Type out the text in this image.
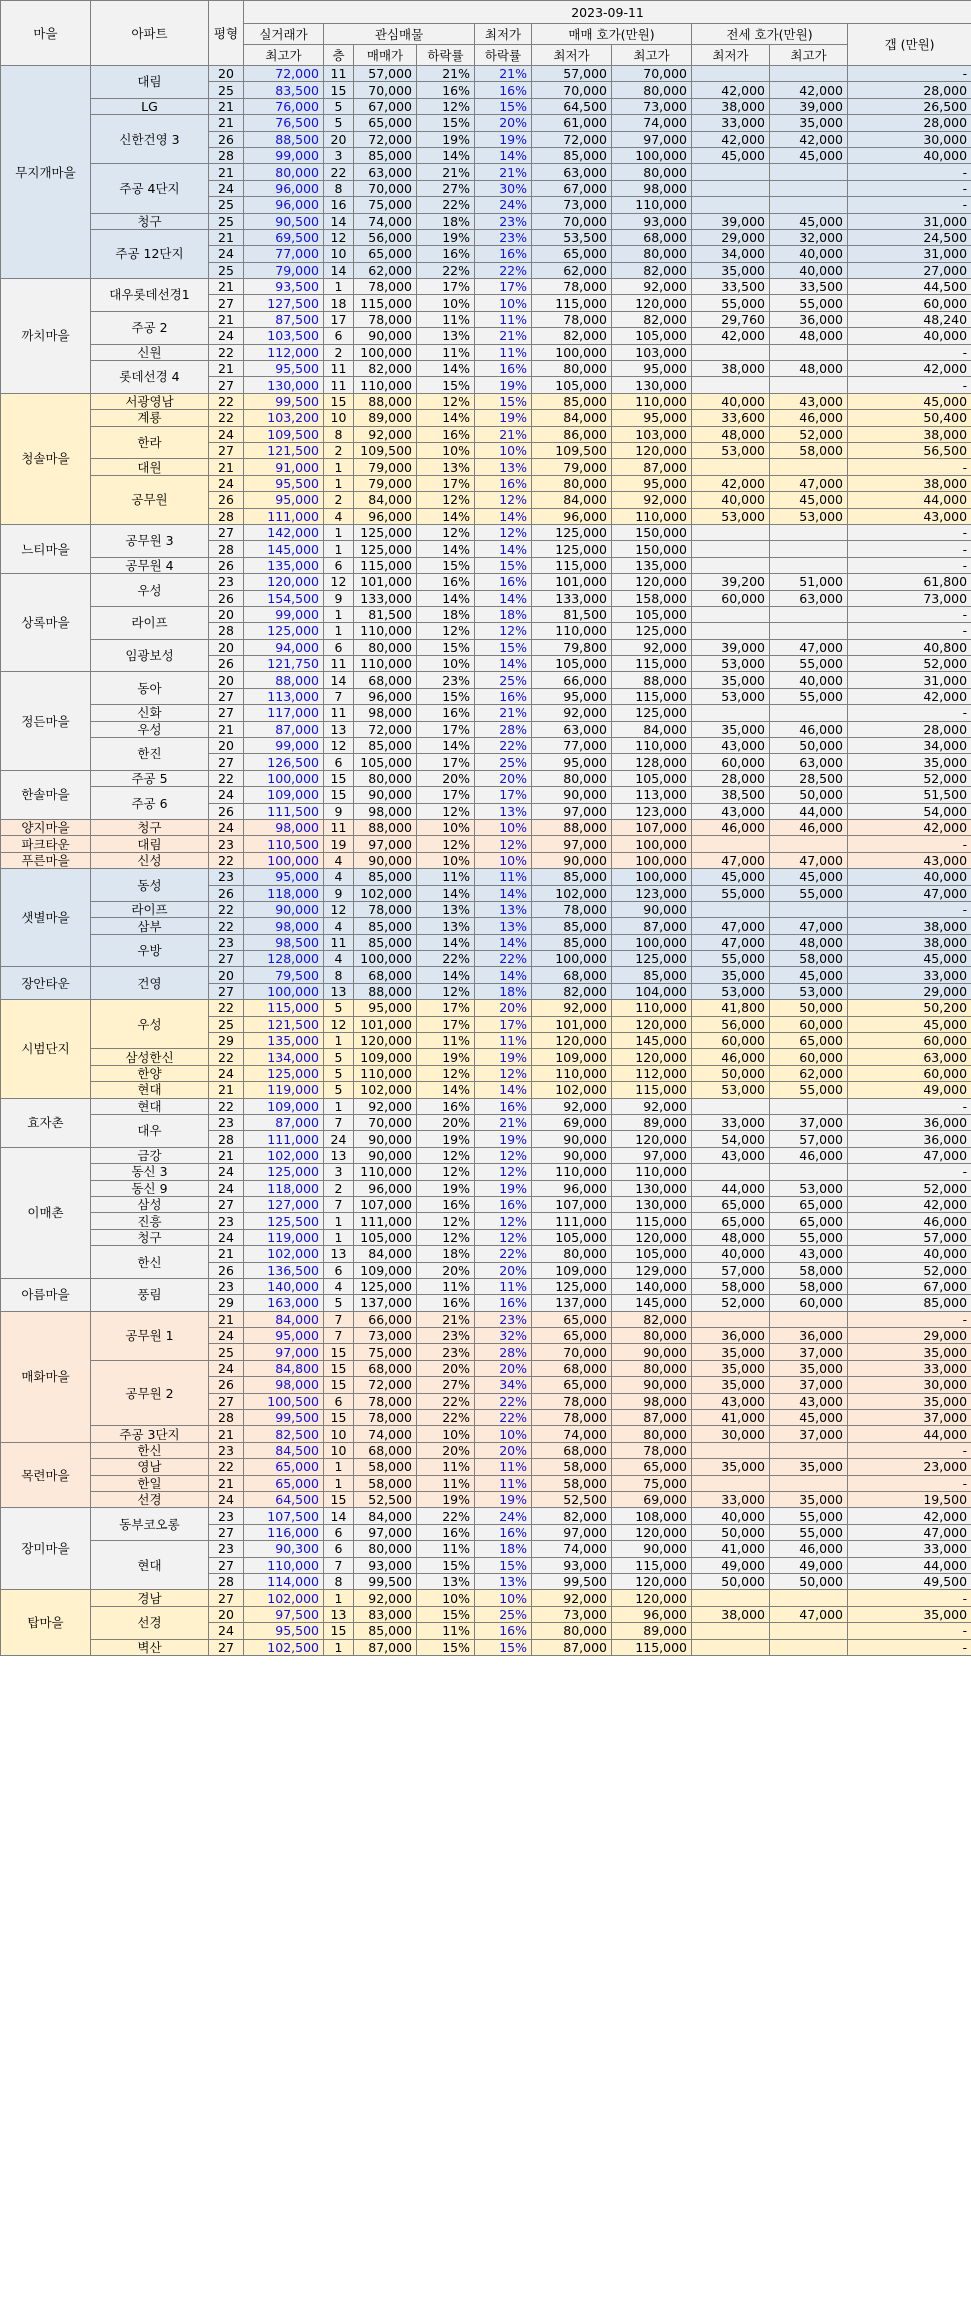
마을	아파트	평형	2023-09-11									
			실거래가	관심매물			최저가	매매 호가(만원)		전세 호가(만원)		갭 (만원)
			최고가	층	매매가	하락률	하락률	최저가	최고가	최저가	최고가	
무지개마을	대림	20	72,000	11	57,000	21%	21%	57,000	70,000			-
		25	83,500	15	70,000	16%	16%	70,000	80,000	42,000	42,000	28,000
	LG	21	76,000	5	67,000	12%	15%	64,500	73,000	38,000	39,000	26,500
	신한건영 3	21	76,500	5	65,000	15%	20%	61,000	74,000	33,000	35,000	28,000
		26	88,500	20	72,000	19%	19%	72,000	97,000	42,000	42,000	30,000
		28	99,000	3	85,000	14%	14%	85,000	100,000	45,000	45,000	40,000
	주공 4단지	21	80,000	22	63,000	21%	21%	63,000	80,000			-
		24	96,000	8	70,000	27%	30%	67,000	98,000			-
		25	96,000	16	75,000	22%	24%	73,000	110,000			-
	청구	25	90,500	14	74,000	18%	23%	70,000	93,000	39,000	45,000	31,000
	주공 12단지	21	69,500	12	56,000	19%	23%	53,500	68,000	29,000	32,000	24,500
		24	77,000	10	65,000	16%	16%	65,000	80,000	34,000	40,000	31,000
		25	79,000	14	62,000	22%	22%	62,000	82,000	35,000	40,000	27,000
까치마을	대우롯데선경1	21	93,500	1	78,000	17%	17%	78,000	92,000	33,500	33,500	44,500
		27	127,500	18	115,000	10%	10%	115,000	120,000	55,000	55,000	60,000
	주공 2	21	87,500	17	78,000	11%	11%	78,000	82,000	29,760	36,000	48,240
		24	103,500	6	90,000	13%	21%	82,000	105,000	42,000	48,000	40,000
	신원	22	112,000	2	100,000	11%	11%	100,000	103,000			-
	롯데선경 4	21	95,500	11	82,000	14%	16%	80,000	95,000	38,000	48,000	42,000
		27	130,000	11	110,000	15%	19%	105,000	130,000			-
청솔마을	서광영남	22	99,500	15	88,000	12%	15%	85,000	110,000	40,000	43,000	45,000
	계룡	22	103,200	10	89,000	14%	19%	84,000	95,000	33,600	46,000	50,400
	한라	24	109,500	8	92,000	16%	21%	86,000	103,000	48,000	52,000	38,000
		27	121,500	2	109,500	10%	10%	109,500	120,000	53,000	58,000	56,500
	대원	21	91,000	1	79,000	13%	13%	79,000	87,000			-
	공무원	24	95,500	1	79,000	17%	16%	80,000	95,000	42,000	47,000	38,000
		26	95,000	2	84,000	12%	12%	84,000	92,000	40,000	45,000	44,000
		28	111,000	4	96,000	14%	14%	96,000	110,000	53,000	53,000	43,000
느티마을	공무원 3	27	142,000	1	125,000	12%	12%	125,000	150,000			-
		28	145,000	1	125,000	14%	14%	125,000	150,000			-
	공무원 4	26	135,000	6	115,000	15%	15%	115,000	135,000			-
상록마을	우성	23	120,000	12	101,000	16%	16%	101,000	120,000	39,200	51,000	61,800
		26	154,500	9	133,000	14%	14%	133,000	158,000	60,000	63,000	73,000
	라이프	20	99,000	1	81,500	18%	18%	81,500	105,000			-
		28	125,000	1	110,000	12%	12%	110,000	125,000			-
	임광보성	20	94,000	6	80,000	15%	15%	79,800	92,000	39,000	47,000	40,800
		26	121,750	11	110,000	10%	14%	105,000	115,000	53,000	55,000	52,000
정든마을	동아	20	88,000	14	68,000	23%	25%	66,000	88,000	35,000	40,000	31,000
		27	113,000	7	96,000	15%	16%	95,000	115,000	53,000	55,000	42,000
	신화	27	117,000	11	98,000	16%	21%	92,000	125,000			-
	우성	21	87,000	13	72,000	17%	28%	63,000	84,000	35,000	46,000	28,000
	한진	20	99,000	12	85,000	14%	22%	77,000	110,000	43,000	50,000	34,000
		27	126,500	6	105,000	17%	25%	95,000	128,000	60,000	63,000	35,000
한솔마을	주공 5	22	100,000	15	80,000	20%	20%	80,000	105,000	28,000	28,500	52,000
	주공 6	24	109,000	15	90,000	17%	17%	90,000	113,000	38,500	50,000	51,500
		26	111,500	9	98,000	12%	13%	97,000	123,000	43,000	44,000	54,000
양지마을	청구	24	98,000	11	88,000	10%	10%	88,000	107,000	46,000	46,000	42,000
파크타운	대림	23	110,500	19	97,000	12%	12%	97,000	100,000			-
푸른마을	신성	22	100,000	4	90,000	10%	10%	90,000	100,000	47,000	47,000	43,000
샛별마을	동성	23	95,000	4	85,000	11%	11%	85,000	100,000	45,000	45,000	40,000
		26	118,000	9	102,000	14%	14%	102,000	123,000	55,000	55,000	47,000
	라이프	22	90,000	12	78,000	13%	13%	78,000	90,000			-
	삼부	22	98,000	4	85,000	13%	13%	85,000	87,000	47,000	47,000	38,000
	우방	23	98,500	11	85,000	14%	14%	85,000	100,000	47,000	48,000	38,000
		27	128,000	4	100,000	22%	22%	100,000	125,000	55,000	58,000	45,000
장안타운	건영	20	79,500	8	68,000	14%	14%	68,000	85,000	35,000	45,000	33,000
		27	100,000	13	88,000	12%	18%	82,000	104,000	53,000	53,000	29,000
시범단지	우성	22	115,000	5	95,000	17%	20%	92,000	110,000	41,800	50,000	50,200
		25	121,500	12	101,000	17%	17%	101,000	120,000	56,000	60,000	45,000
		29	135,000	1	120,000	11%	11%	120,000	145,000	60,000	65,000	60,000
	삼성한신	22	134,000	5	109,000	19%	19%	109,000	120,000	46,000	60,000	63,000
	한양	24	125,000	5	110,000	12%	12%	110,000	112,000	50,000	62,000	60,000
	현대	21	119,000	5	102,000	14%	14%	102,000	115,000	53,000	55,000	49,000
효자촌	현대	22	109,000	1	92,000	16%	16%	92,000	92,000			-
	대우	23	87,000	7	70,000	20%	21%	69,000	89,000	33,000	37,000	36,000
		28	111,000	24	90,000	19%	19%	90,000	120,000	54,000	57,000	36,000
이매촌	금강	21	102,000	13	90,000	12%	12%	90,000	97,000	43,000	46,000	47,000
	동신 3	24	125,000	3	110,000	12%	12%	110,000	110,000			-
	동신 9	24	118,000	2	96,000	19%	19%	96,000	130,000	44,000	53,000	52,000
	삼성	27	127,000	7	107,000	16%	16%	107,000	130,000	65,000	65,000	42,000
	진흥	23	125,500	1	111,000	12%	12%	111,000	115,000	65,000	65,000	46,000
	청구	24	119,000	1	105,000	12%	12%	105,000	120,000	48,000	55,000	57,000
	한신	21	102,000	13	84,000	18%	22%	80,000	105,000	40,000	43,000	40,000
		26	136,500	6	109,000	20%	20%	109,000	129,000	57,000	58,000	52,000
아름마을	풍림	23	140,000	4	125,000	11%	11%	125,000	140,000	58,000	58,000	67,000
		29	163,000	5	137,000	16%	16%	137,000	145,000	52,000	60,000	85,000
매화마을	공무원 1	21	84,000	7	66,000	21%	23%	65,000	82,000			-
		24	95,000	7	73,000	23%	32%	65,000	80,000	36,000	36,000	29,000
		25	97,000	15	75,000	23%	28%	70,000	90,000	35,000	37,000	35,000
	공무원 2	24	84,800	15	68,000	20%	20%	68,000	80,000	35,000	35,000	33,000
		26	98,000	15	72,000	27%	34%	65,000	90,000	35,000	37,000	30,000
		27	100,500	6	78,000	22%	22%	78,000	98,000	43,000	43,000	35,000
		28	99,500	15	78,000	22%	22%	78,000	87,000	41,000	45,000	37,000
	주공 3단지	21	82,500	10	74,000	10%	10%	74,000	80,000	30,000	37,000	44,000
목련마을	한신	23	84,500	10	68,000	20%	20%	68,000	78,000			-
	영남	22	65,000	1	58,000	11%	11%	58,000	65,000	35,000	35,000	23,000
	한일	21	65,000	1	58,000	11%	11%	58,000	75,000			-
	선경	24	64,500	15	52,500	19%	19%	52,500	69,000	33,000	35,000	19,500
장미마을	동부코오롱	23	107,500	14	84,000	22%	24%	82,000	108,000	40,000	55,000	42,000
		27	116,000	6	97,000	16%	16%	97,000	120,000	50,000	55,000	47,000
	현대	23	90,300	6	80,000	11%	18%	74,000	90,000	41,000	46,000	33,000
		27	110,000	7	93,000	15%	15%	93,000	115,000	49,000	49,000	44,000
		28	114,000	8	99,500	13%	13%	99,500	120,000	50,000	50,000	49,500
탑마을	경남	27	102,000	1	92,000	10%	10%	92,000	120,000			-
	선경	20	97,500	13	83,000	15%	25%	73,000	96,000	38,000	47,000	35,000
		24	95,500	15	85,000	11%	16%	80,000	89,000			-
	벽산	27	102,500	1	87,000	15%	15%	87,000	115,000			-
